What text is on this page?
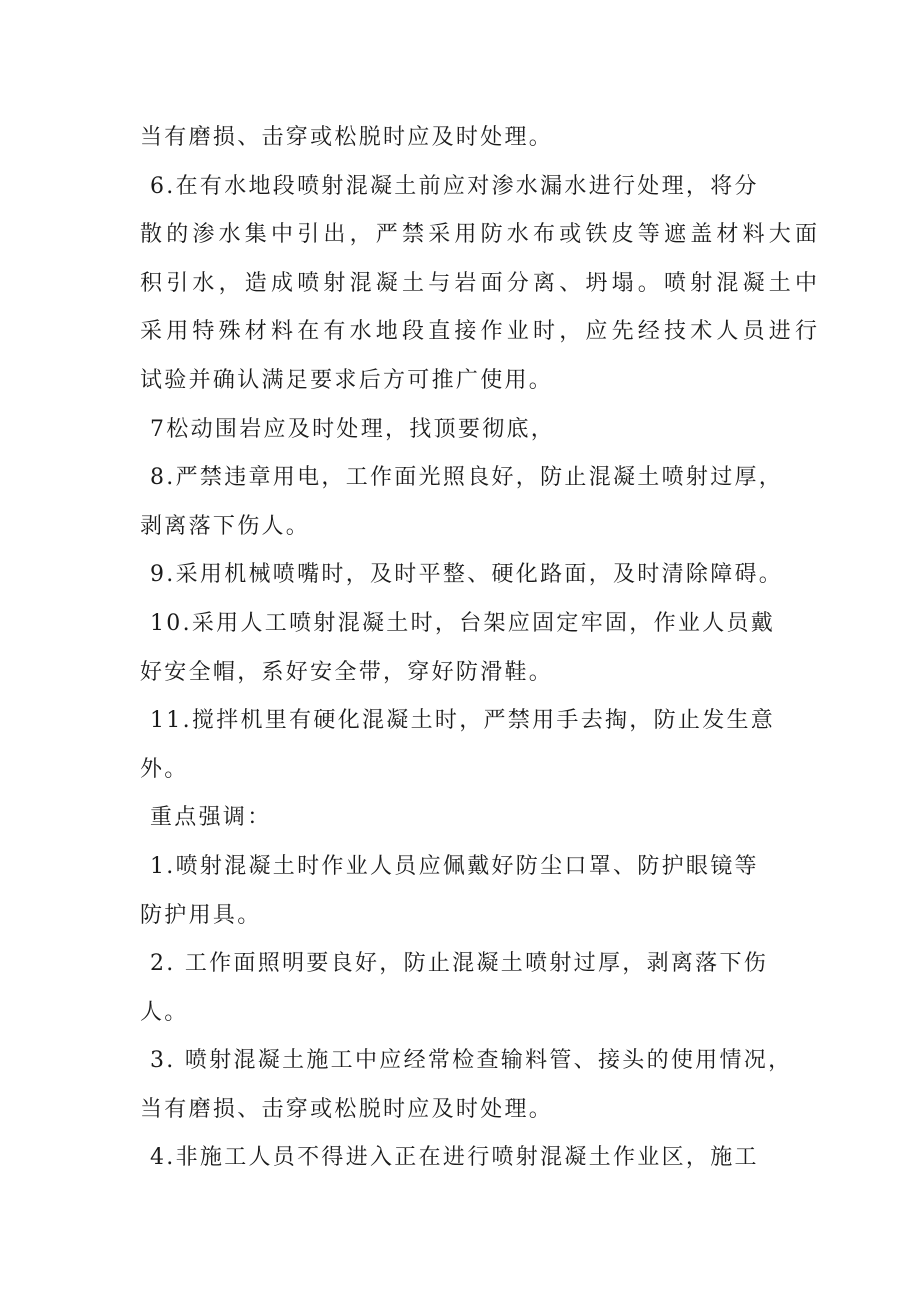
当有磨损、击穿或松脱时应及时处理。
6.在有水地段喷射混凝土前应对渗水漏水进行处理，将分
散的渗水集中引出，严禁采用防水布或铁皮等遮盖材料大面
积引水，造成喷射混凝土与岩面分离、坍塌。喷射混凝土中
采用特殊材料在有水地段直接作业时，应先经技术人员进行
试验并确认满足要求后方可推广使用。
7松动围岩应及时处理，找顶要彻底，
8.严禁违章用电，工作面光照良好，防止混凝土喷射过厚，
剥离落下伤人。
9.采用机械喷嘴时，及时平整、硬化路面，及时清除障碍。
10.采用人工喷射混凝土时，台架应固定牢固，作业人员戴
好安全帽，系好安全带，穿好防滑鞋。
11.搅拌机里有硬化混凝土时，严禁用手去掏，防止发生意
外。
重点强调：
1.喷射混凝土时作业人员应佩戴好防尘口罩、防护眼镜等
防护用具。
2. 工作面照明要良好，防止混凝土喷射过厚，剥离落下伤
人。
3. 喷射混凝土施工中应经常检查输料管、接头的使用情况，
当有磨损、击穿或松脱时应及时处理。
4.非施工人员不得进入正在进行喷射混凝土作业区，施工
